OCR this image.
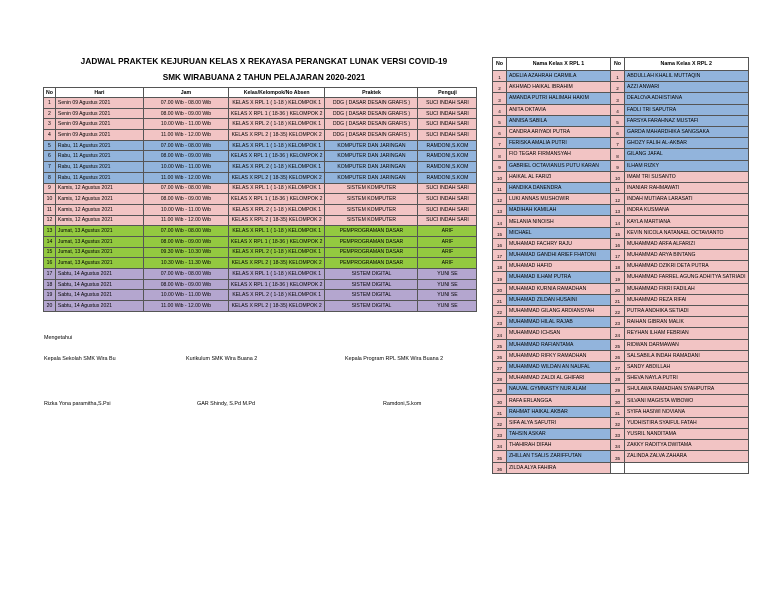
JADWAL PRAKTEK KEJURUAN KELAS X REKAYASA PERANGKAT LUNAK VERSI COVID-19
SMK WIRABUANA 2 TAHUN PELAJARAN 2020-2021
No	Hari	Jam	Kelas/Kelompok/No Absen	Praktek	Penguji
1	Senin 09 Agustus 2021	07.00 Wib - 08.00 Wib	KELAS X RPL 1 ( 1-18 ) KELOMPOK 1	DDG ( DASAR DESAIN GRAFIS )	SUCI INDAH SARI
2	Senin 09 Agustus 2021	08.00 Wib - 09.00 Wib	KELAS X RPL 1 ( 18-36 ) KELOMPOK 2	DDG ( DASAR DESAIN GRAFIS )	SUCI INDAH SARI
3	Senin 09 Agustus 2021	10.00 Wib - 11.00 Wib	KELAS X RPL 2 ( 1-18 ) KELOMPOK 1	DDG ( DASAR DESAIN GRAFIS )	SUCI INDAH SARI
4	Senin 09 Agustus 2021	11.00 Wib - 12.00 Wib	KELAS X RPL 2 ( 18-35) KELOMPOK 2	DDG ( DASAR DESAIN GRAFIS )	SUCI INDAH SARI
5	Rabu, 11 Agustus 2021	07.00 Wib - 08.00 Wib	KELAS X RPL 1 ( 1-18 ) KELOMPOK 1	KOMPUTER DAN JARINGAN	RAMDONI,S.KOM
6	Rabu, 11 Agustus 2021	08.00 Wib - 09.00 Wib	KELAS X RPL 1 ( 18-36 ) KELOMPOK 2	KOMPUTER DAN JARINGAN	RAMDONI,S.KOM
7	Rabu, 11 Agustus 2021	10.00 Wib - 11.00 Wib	KELAS X RPL 2 ( 1-18 ) KELOMPOK 1	KOMPUTER DAN JARINGAN	RAMDONI,S.KOM
8	Rabu, 11 Agustus 2021	11.00 Wib - 12.00 Wib	KELAS X RPL 2 ( 18-35) KELOMPOK 2	KOMPUTER DAN JARINGAN	RAMDONI,S.KOM
9	Kamis, 12 Agustus 2021	07.00 Wib - 08.00 Wib	KELAS X RPL 1 ( 1-18 ) KELOMPOK 1	SISTEM KOMPUTER	SUCI INDAH SARI
10	Kamis, 12 Agustus 2021	08.00 Wib - 09.00 Wib	KELAS X RPL 1 ( 18-36 ) KELOMPOK 2	SISTEM KOMPUTER	SUCI INDAH SARI
11	Kamis, 12 Agustus 2021	10.00 Wib - 11.00 Wib	KELAS X RPL 2 ( 1-18 ) KELOMPOK 1	SISTEM KOMPUTER	SUCI INDAH SARI
12	Kamis, 12 Agustus 2021	11.00 Wib - 12.00 Wib	KELAS X RPL 2 ( 18-35) KELOMPOK 2	SISTEM KOMPUTER	SUCI INDAH SARI
13	Jumat, 13 Agustus 2021	07.00 Wib - 08.00 Wib	KELAS X RPL 1 ( 1-18 ) KELOMPOK 1	PEMPROGRAMAN DASAR	ARIF
14	Jumat, 13 Agustus 2021	08.00 Wib - 09.00 Wib	KELAS X RPL 1 ( 18-36 ) KELOMPOK 2	PEMPROGRAMAN DASAR	ARIF
15	Jumat, 13 Agustus 2021	09.30 Wib - 10.30 Wib	KELAS X RPL 2 ( 1-18 ) KELOMPOK 1	PEMPROGRAMAN DASAR	ARIF
16	Jumat, 13 Agustus 2021	10.30 Wib - 11.30 Wib	KELAS X RPL 2 ( 18-35) KELOMPOK 2	PEMPROGRAMAN DASAR	ARIF
17	Sabtu, 14 Agustus 2021	07.00 Wib - 08.00 Wib	KELAS X RPL 1 ( 1-18 ) KELOMPOK 1	SISTEM DIGITAL	YUNI SE
18	Sabtu, 14 Agustus 2021	08.00 Wib - 09.00 Wib	KELAS X RPL 1 ( 18-36 ) KELOMPOK 2	SISTEM DIGITAL	YUNI SE
19	Sabtu, 14 Agustus 2021	10.00 Wib - 11.00 Wib	KELAS X RPL 2 ( 1-18 ) KELOMPOK 1	SISTEM DIGITAL	YUNI SE
20	Sabtu, 14 Agustus 2021	11.00 Wib - 12.00 Wib	KELAS X RPL 2 ( 18-35) KELOMPOK 2	SISTEM DIGITAL	YUNI SE
Mengetahui
Kepala Sekolah SMK Wira Bu	Kurikulum SMK Wira Buana 2	Kepala Program RPL SMK Wira Buana 2
Rizka Yona paramitha,S.Psi	GAR Shindy, S.Pd M.Pd	Ramdoni,S.kom
No	Nama Kelas X RPL 1	No	Nama Kelas X RPL 2
1	ADELIA AZAHRAH CARMILA	1	ABDULLAH KHALIL MUTTAQIN
2	AKHMAD HAIKAL IBRAHIM	2	AZZI ANWARI
3	AMANDA PUTRI HALIMAH HAKIM	3	DEALOVA ADHISTIANA
4	ANITA OKTAVIA	4	FADLI TRI SAPUTRA
5	ANNISA SABILA	5	FARSYA FARAHNAZ MUSTAFI
6	CANDRA ARIYADI PUTRA	6	GARDA MAHARDHIKA SANGSAKA
7	FERISKA AMALIA PUTRI	7	GHOZY FALIH AL-AKBAR
8	FIO TEGAR FIRMANSYAH	8	GILANG JAFAL
9	GABRIEL OCTAVIANUS PUTU KARAN	9	ILHAM RIZKY
10	HAIKAL AL FARIZI	10	IMAM TRI SUSANTO
11	HANDIKA DANENDRA	11	INANIAR RAHMAWATI
12	LUKI ANNAS MUSHOWIR	12	INDAH MUTIARA LARASATI
13	MADIHAH KAMILAH	13	INDRA KUSMANA
14	MELANIA NINOISH	14	KAYLA MARTIANA
15	MICHAEL	15	KEVIN NICOLA NATANAEL OCTAVIANTO
16	MUHAMAD FACHRY RAJU	16	MUHAMMAD ARFA ALFARIZI
17	MUHAMAD GANDHI ARIEF FHATONI	17	MUHAMMAD ARYA BINTANG
18	MUHAMAD HAFID	18	MUHAMMAD DZIKRI DETA PUTRA
19	MUHAMAD ILHAM PUTRA	19	MUHAMMAD FARREL AGUNG ADHITYA SATRIADI
20	MUHAMAD KURNIA RAMADHAN	20	MUHAMMAD FIKRI FADILAH
21	MUHAMAD ZILDAN HUSAINI	21	MUHAMMAD REZA RIFAI
22	MUHAMMAD GILANG ARDIANSYAH	22	PUTRA ANDHIKA SETIADI
23	MUHAMMAD HILAL RAJAB	23	RAIHAN GIBRAN MALIK
24	MUHAMMAD ICHSAN	24	REYHAN ILHAM FEBRIAN
25	MUHAMMAD RAFIANTAMA	25	RIDWAN DARMAWAN
26	MUHAMMAD RIFKY RAMADHAN	26	SALSABILA INDAH RAMADANI
27	MUHAMMAD WILDAN AN NAUFAL	27	SANDY ABDILLAH
28	MUHAMMAD ZALDI AL GHIFARI	28	SHEVA NAYLA PUTRI
29	NAUVAL GYMNASTY NUR ALAM	29	SHULAWA RAMADHAN SYAHPUTRA
30	RAFA ERLANGGA	30	SILVANI MAGISTA WIBOWO
31	RAHMAT HAIKAL AKBAR	31	SYIFA HASIWI NOVIANA
32	SIFA ALYA SAFUTRI	32	YUDHISTIRA SYAIFUL FATAH
33	TAHSIN ASKAR	33	YUSRIL NANDITAMA
34	THAHIRAH DIFAH	34	ZAKKY RADITYA DWITAMA
35	ZHILLAN TSALIS ZARIFFUTAN	35	ZALINDA ZALVA ZAHARA
36	ZILDA ALYA FAHIRA		
